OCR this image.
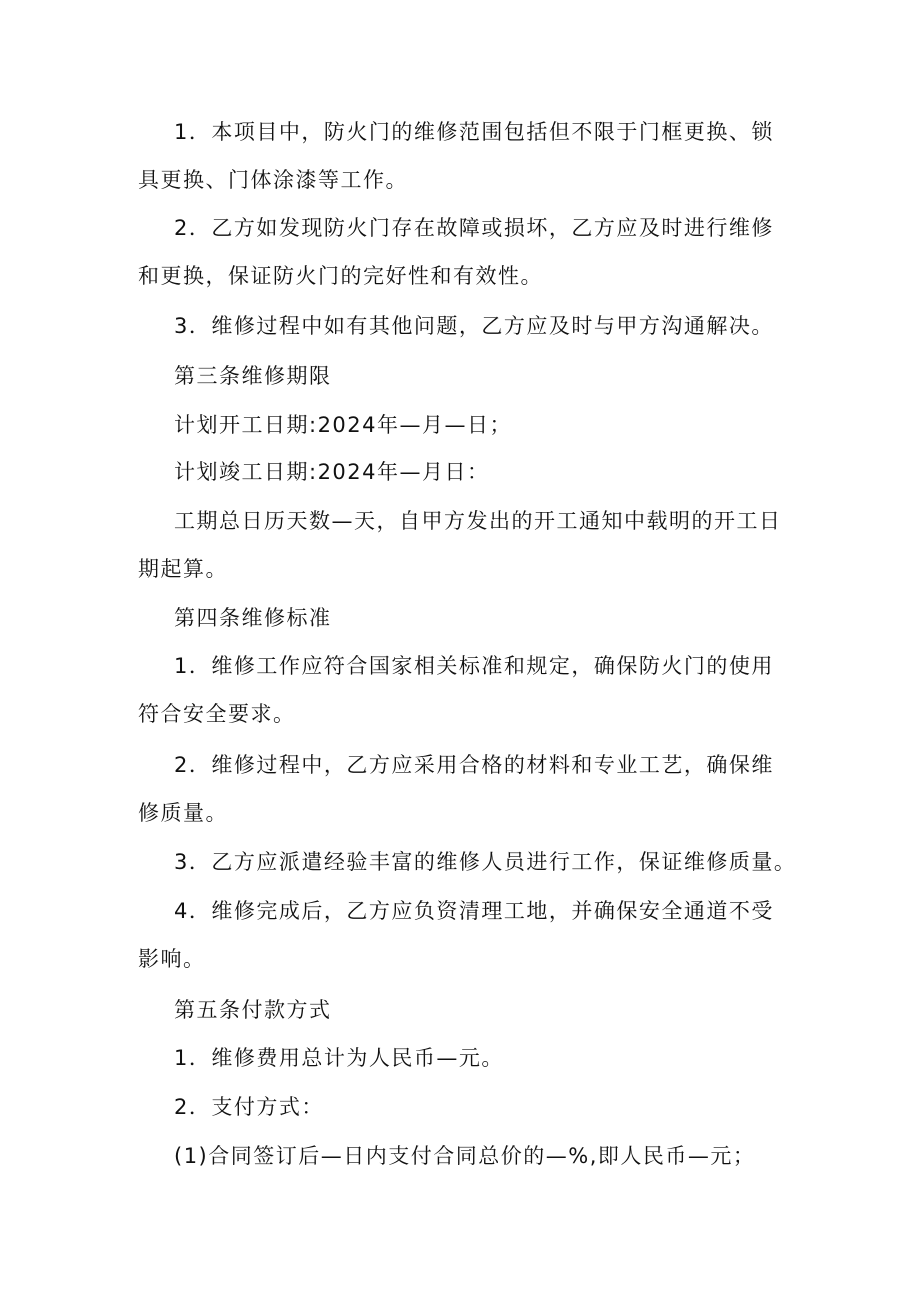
1．本项目中，防火门的维修范围包括但不限于门框更换、锁具更换、门体涂漆等工作。

2．乙方如发现防火门存在故障或损坏，乙方应及时进行维修和更换，保证防火门的完好性和有效性。

3．维修过程中如有其他问题，乙方应及时与甲方沟通解决。

第三条维修期限

计划开工日期:2024年—月—日；

计划竣工日期:2024年—月日：

工期总日历天数—天，自甲方发出的开工通知中载明的开工日期起算。

第四条维修标准

1．维修工作应符合国家相关标准和规定，确保防火门的使用符合安全要求。

2．维修过程中，乙方应采用合格的材料和专业工艺，确保维修质量。

3．乙方应派遣经验丰富的维修人员进行工作，保证维修质量。

4．维修完成后，乙方应负资清理工地，并确保安全通道不受影响。

第五条付款方式

1．维修费用总计为人民币—元。

2．支付方式：

(1)合同签订后—日内支付合同总价的—%,即人民币—元；
